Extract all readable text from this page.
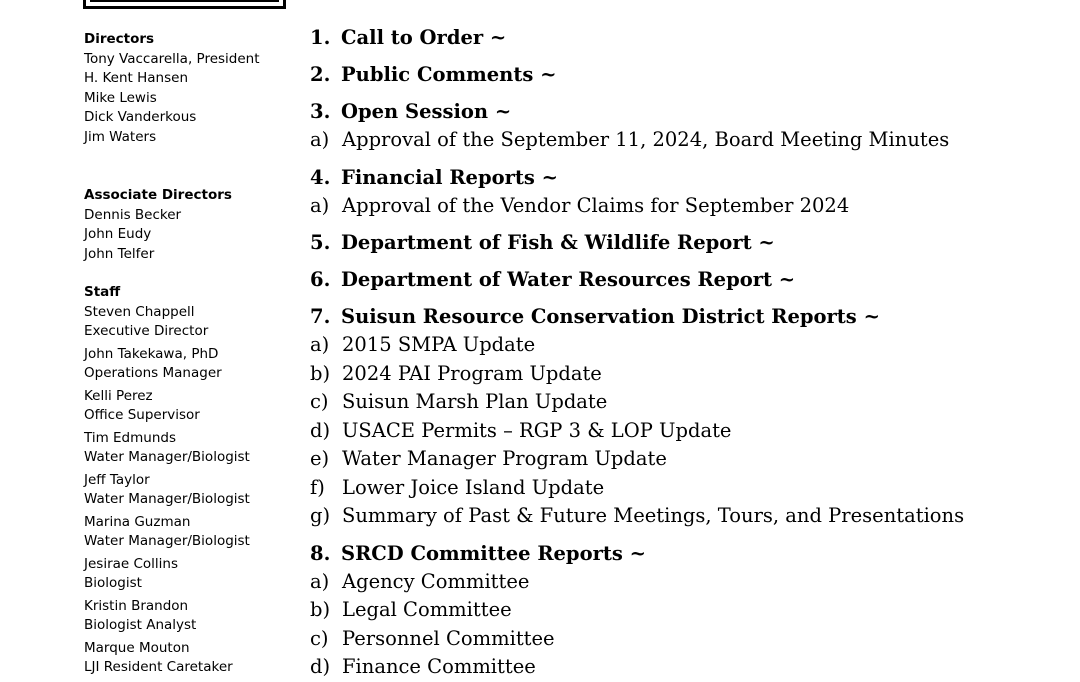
Directors
Tony Vaccarella, President
H. Kent Hansen
Mike Lewis
Dick Vanderkous
Jim Waters
Associate Directors
Dennis Becker
John Eudy
John Telfer
Staff
Steven Chappell
Executive Director
John Takekawa, PhD
Operations Manager
Kelli Perez
Office Supervisor
Tim Edmunds
Water Manager/Biologist
Jeff Taylor
Water Manager/Biologist
Marina Guzman
Water Manager/Biologist
Jesirae Collins
Biologist
Kristin Brandon
Biologist Analyst
Marque Mouton
LJI Resident Caretaker
1. Call to Order ~
2. Public Comments ~
3. Open Session ~
a) Approval of the September 11, 2024, Board Meeting Minutes
4. Financial Reports ~
a) Approval of the Vendor Claims for September 2024
5. Department of Fish & Wildlife Report ~
6. Department of Water Resources Report ~
7. Suisun Resource Conservation District Reports ~
a) 2015 SMPA Update
b) 2024 PAI Program Update
c) Suisun Marsh Plan Update
d) USACE Permits – RGP 3 & LOP Update
e) Water Manager Program Update
f) Lower Joice Island Update
g) Summary of Past & Future Meetings, Tours, and Presentations
8. SRCD Committee Reports ~
a) Agency Committee
b) Legal Committee
c) Personnel Committee
d) Finance Committee
